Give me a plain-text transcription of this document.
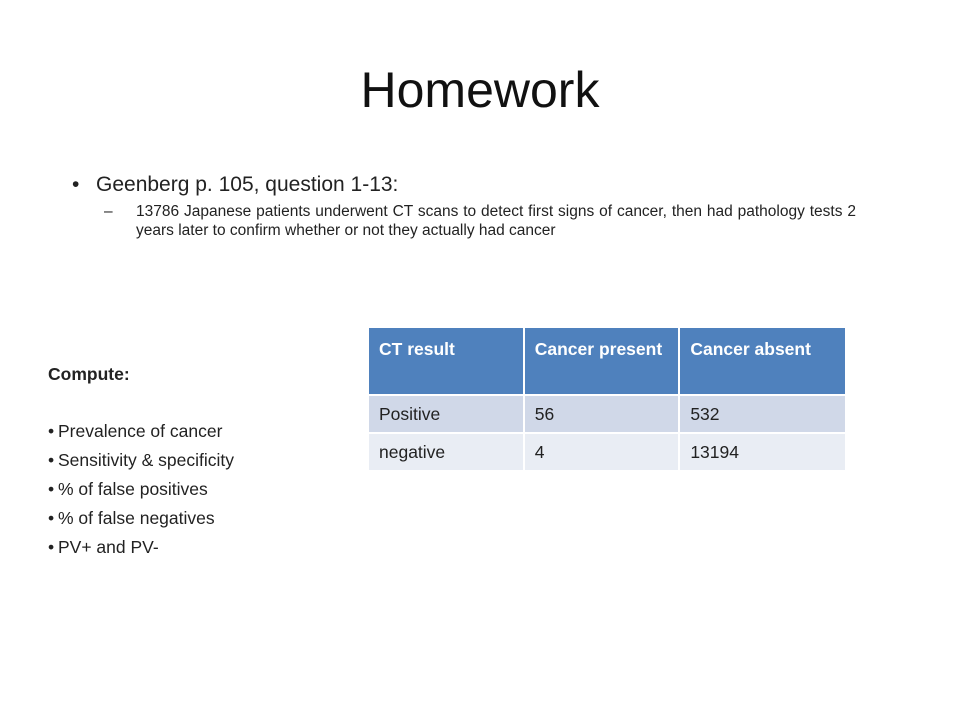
Homework
• Geenberg p. 105, question 1-13:
– 13786 Japanese patients underwent CT scans to detect first signs of cancer, then had pathology tests 2 years later to confirm whether or not they actually had cancer

Compute:

• Prevalence of cancer
• Sensitivity & specificity
• % of false positives
• % of false negatives
• PV+ and PV-
CT result	Cancer present	Cancer absent
Positive	56	532
negative	4	13194
